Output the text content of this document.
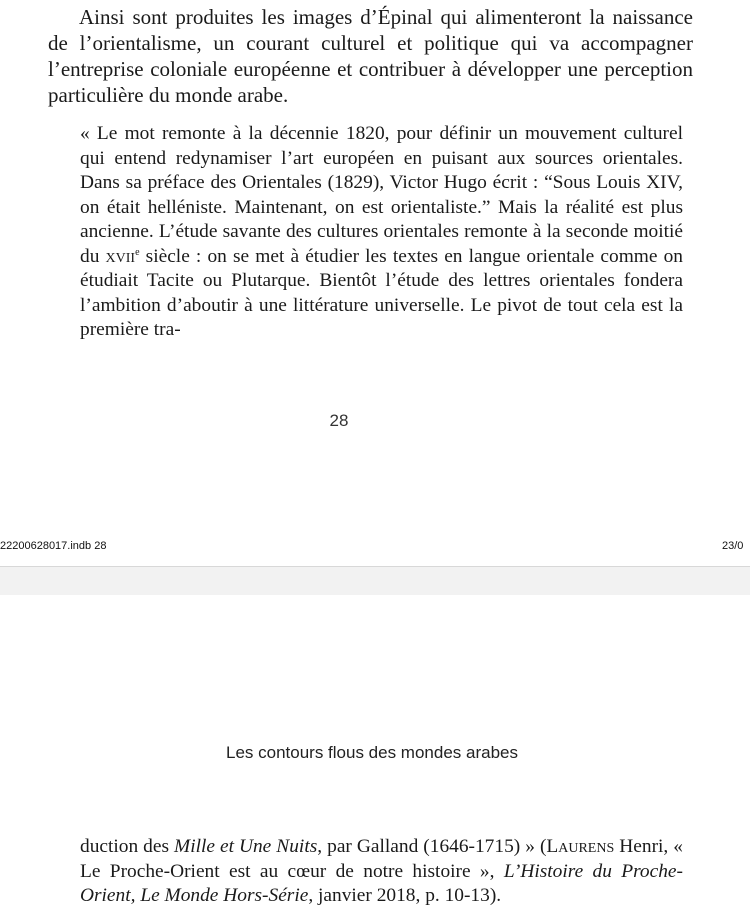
Ainsi sont produites les images d’Épinal qui alimenteront la naissance de l’orientalisme, un courant culturel et politique qui va accompagner l’entreprise coloniale européenne et contribuer à développer une perception particulière du monde arabe.

« Le mot remonte à la décennie 1820, pour définir un mouvement culturel qui entend redynamiser l’art européen en puisant aux sources orientales. Dans sa préface des Orientales (1829), Victor Hugo écrit : “Sous Louis XIV, on était helléniste. Maintenant, on est orientaliste.” Mais la réalité est plus ancienne. L’étude savante des cultures orientales remonte à la seconde moitié du xvii$^e$ siècle : on se met à étudier les textes en langue orientale comme on étudiait Tacite ou Plutarque. Bientôt l’étude des lettres orientales fondera l’ambition d’aboutir à une littérature universelle. Le pivot de tout cela est la première tra-

28
22200628017.indb 28	23/0
Les contours flous des mondes arabes

duction des Mille et Une Nuits, par Galland (1646-1715) » (Laurens Henri, « Le Proche-Orient est au cœur de notre histoire », L’Histoire du Proche-Orient, Le Monde Hors-Série, janvier 2018, p. 10-13).
